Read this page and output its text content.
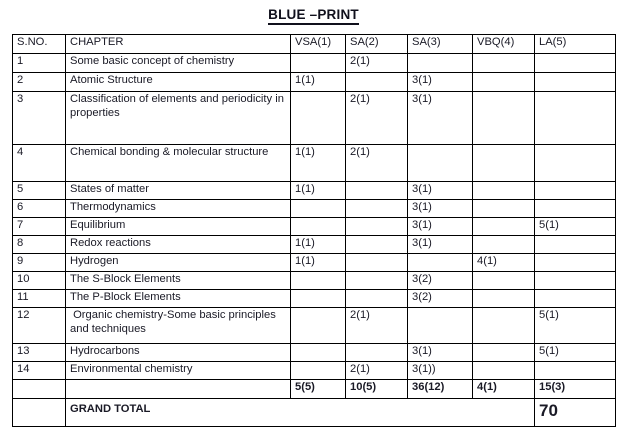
BLUE –PRINT
S.NO.	CHAPTER	VSA(1)	SA(2)	SA(3)	VBQ(4)	LA(5)
1	Some basic concept of chemistry		2(1)			
2	Atomic Structure	1(1)		3(1)		
3	Classification of elements and periodicity in properties		2(1)	3(1)		
4	Chemical bonding & molecular structure	1(1)	2(1)			
5	States of matter	1(1)		3(1)		
6	Thermodynamics			3(1)		
7	Equilibrium			3(1)		5(1)
8	Redox reactions	1(1)		3(1)		
9	Hydrogen	1(1)			4(1)	
10	The S-Block Elements			3(2)		
11	The P-Block Elements			3(2)		
12	Organic chemistry-Some basic principles and techniques		2(1)			5(1)
13	Hydrocarbons			3(1)		5(1)
14	Environmental chemistry		2(1)	3(1))		
		5(5)	10(5)	36(12)	4(1)	15(3)
	GRAND TOTAL					70
